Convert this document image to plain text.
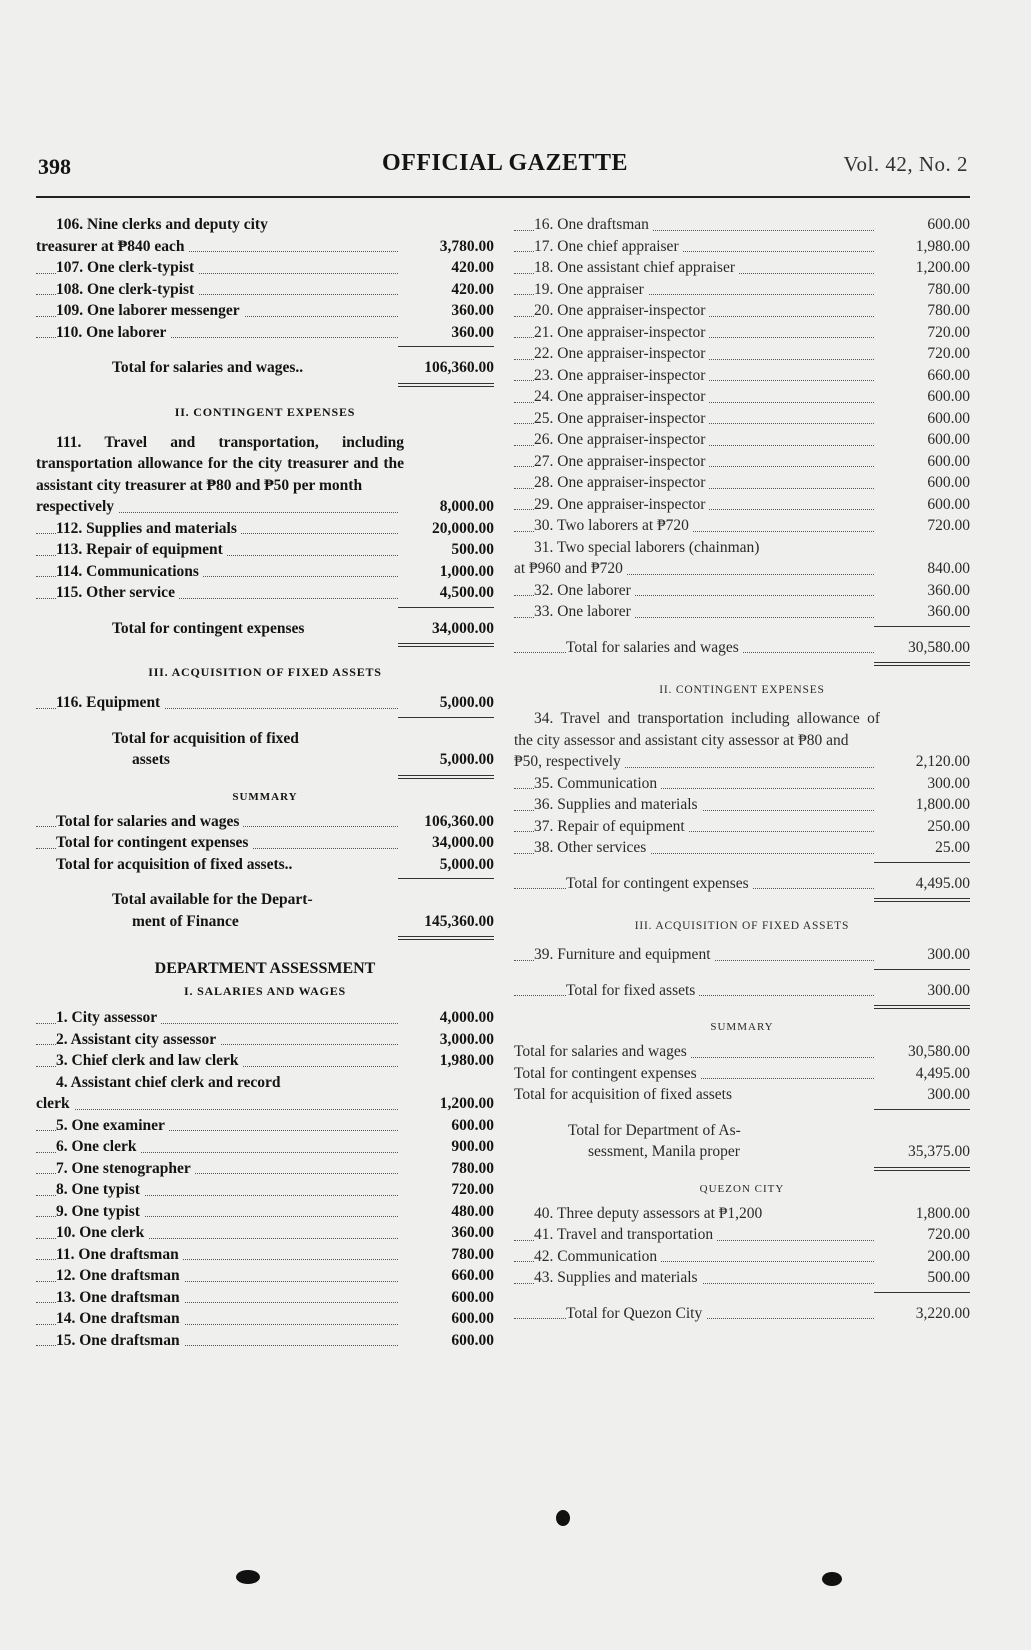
398	OFFICIAL GAZETTE	Vol. 42, No. 2
106. Nine clerks and deputy city
treasurer at ₱840 each	3,780.00
107. One clerk-typist	420.00
108. One clerk-typist	420.00
109. One laborer messenger	360.00
110. One laborer	360.00
Total for salaries and wages..	106,360.00
II. CONTINGENT EXPENSES
111. Travel and transportation, including transportation allowance for the city treasurer and the assistant city treasurer at ₱80 and ₱50 per month
respectively	8,000.00
112. Supplies and materials	20,000.00
113. Repair of equipment	500.00
114. Communications	1,000.00
115. Other service	4,500.00
Total for contingent expenses	34,000.00
III. ACQUISITION OF FIXED ASSETS
116. Equipment	5,000.00
Total for acquisition of fixed
assets	5,000.00
SUMMARY
Total for salaries and wages	106,360.00
Total for contingent expenses	34,000.00
Total for acquisition of fixed assets..	5,000.00
Total available for the Depart-
ment of Finance	145,360.00
DEPARTMENT ASSESSMENT
I. SALARIES AND WAGES
1. City assessor	4,000.00
2. Assistant city assessor	3,000.00
3. Chief clerk and law clerk	1,980.00
4. Assistant chief clerk and record
clerk	1,200.00
5. One examiner	600.00
6. One clerk	900.00
7. One stenographer	780.00
8. One typist	720.00
9. One typist	480.00
10. One clerk	360.00
11. One draftsman	780.00
12. One draftsman	660.00
13. One draftsman	600.00
14. One draftsman	600.00
15. One draftsman	600.00
16. One draftsman	600.00
17. One chief appraiser	1,980.00
18. One assistant chief appraiser	1,200.00
19. One appraiser	780.00
20. One appraiser-inspector	780.00
21. One appraiser-inspector	720.00
22. One appraiser-inspector	720.00
23. One appraiser-inspector	660.00
24. One appraiser-inspector	600.00
25. One appraiser-inspector	600.00
26. One appraiser-inspector	600.00
27. One appraiser-inspector	600.00
28. One appraiser-inspector	600.00
29. One appraiser-inspector	600.00
30. Two laborers at ₱720	720.00
31. Two special laborers (chainman)
at ₱960 and ₱720	840.00
32. One laborer	360.00
33. One laborer	360.00
Total for salaries and wages	30,580.00
II. CONTINGENT EXPENSES
34. Travel and transportation including allowance of the city assessor and assistant city assessor at ₱80 and
₱50, respectively	2,120.00
35. Communication	300.00
36. Supplies and materials	1,800.00
37. Repair of equipment	250.00
38. Other services	25.00
Total for contingent expenses	4,495.00
III. ACQUISITION OF FIXED ASSETS
39. Furniture and equipment	300.00
Total for fixed assets	300.00
SUMMARY
Total for salaries and wages	30,580.00
Total for contingent expenses	4,495.00
Total for acquisition of fixed assets	300.00
Total for Department of As-
sessment, Manila proper	35,375.00
QUEZON CITY
40. Three deputy assessors at ₱1,200	1,800.00
41. Travel and transportation	720.00
42. Communication	200.00
43. Supplies and materials	500.00
Total for Quezon City	3,220.00
